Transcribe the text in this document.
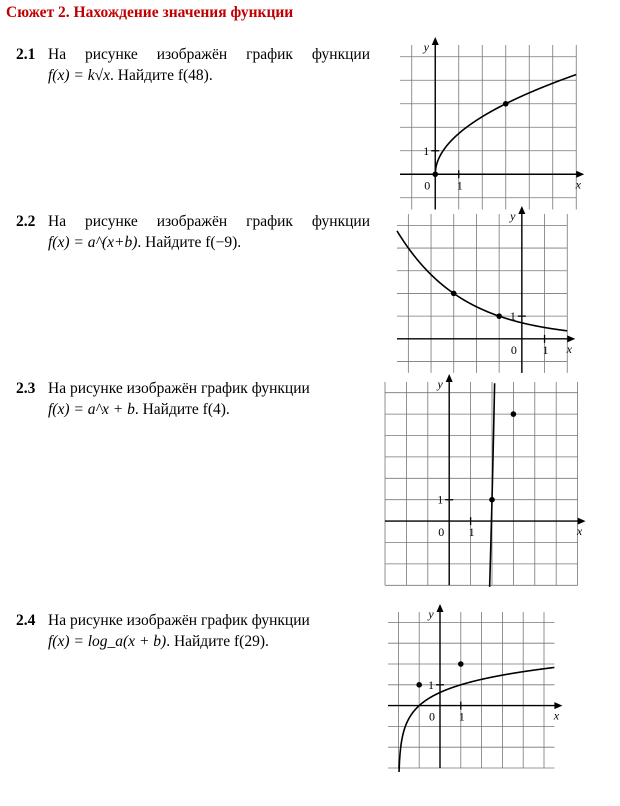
Сюжет 2. Нахождение значения функции
2.1 На рисунке изображён график функции
f(x) = k√x. Найдите f(48).
x
y
0 1
1
2.2 На рисунке изображён график функции
f(x) = a^(x+b). Найдите f(−9).
x
y
0 1
1
2.3 На рисунке изображён график функции
f(x) = a^x + b. Найдите f(4).
x
y
0 1
1
2.4 На рисунке изображён график функции
f(x) = log_a(x + b). Найдите f(29).
x
y
0 1
1
